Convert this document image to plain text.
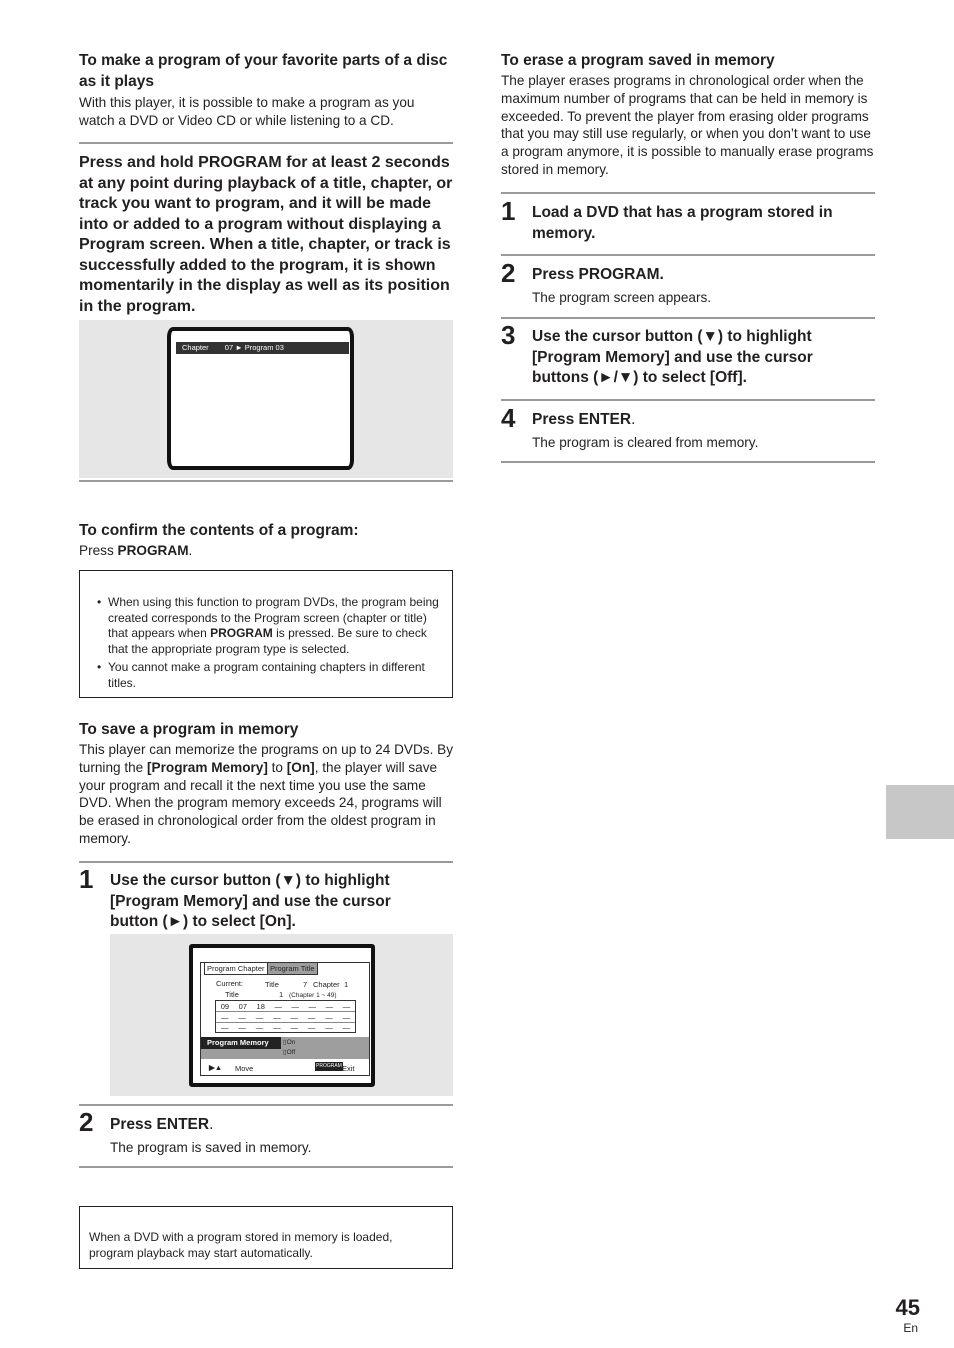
To make a program of your favorite parts of a disc as it plays

With this player, it is possible to make a program as you watch a DVD or Video CD or while listening to a CD.

Press and hold PROGRAM for at least 2 seconds at any point during playback of a title, chapter, or track you want to program, and it will be made into or added to a program without displaying a Program screen. When a title, chapter, or track is successfully added to the program, it is shown momentarily in the display as well as its position in the program.
Chapter 07 ► Program 03

To confirm the contents of a program:

Press PROGRAM.

• When using this function to program DVDs, the program being created corresponds to the Program screen (chapter or title) that appears when PROGRAM is pressed. Be sure to check that the appropriate program type is selected.
• You cannot make a program containing chapters in different titles.

To save a program in memory

This player can memorize the programs on up to 24 DVDs. By turning the [Program Memory] to [On], the player will save your program and recall it the next time you use the same DVD. When the program memory exceeds 24, programs will be erased in chronological order from the oldest program in memory.

1 Use the cursor button (▼) to highlight [Program Memory] and use the cursor button (►) to select [On].
Program Chapter Program Title
Current:
Title
Title	7 Chapter 1
1 (Chapter 1 ~ 49)
09 07 18 — — — — —
— — — — — — — —
— — — — — — — —
Program Memory	▯On
▯Off
▶▲ Move	PROGRAM Exit
2 Press ENTER.
The program is saved in memory.
When a DVD with a program stored in memory is loaded, program playback may start automatically.

To erase a program saved in memory

The player erases programs in chronological order when the maximum number of programs that can be held in memory is exceeded. To prevent the player from erasing older programs that you may still use regularly, or when you don’t want to use a program anymore, it is possible to manually erase programs stored in memory.

1 Load a DVD that has a program stored in memory.
2 Press PROGRAM.
The program screen appears.
3 Use the cursor button (▼) to highlight [Program Memory] and use the cursor buttons (►/▼) to select [Off].
4 Press ENTER.
The program is cleared from memory.
45
En
